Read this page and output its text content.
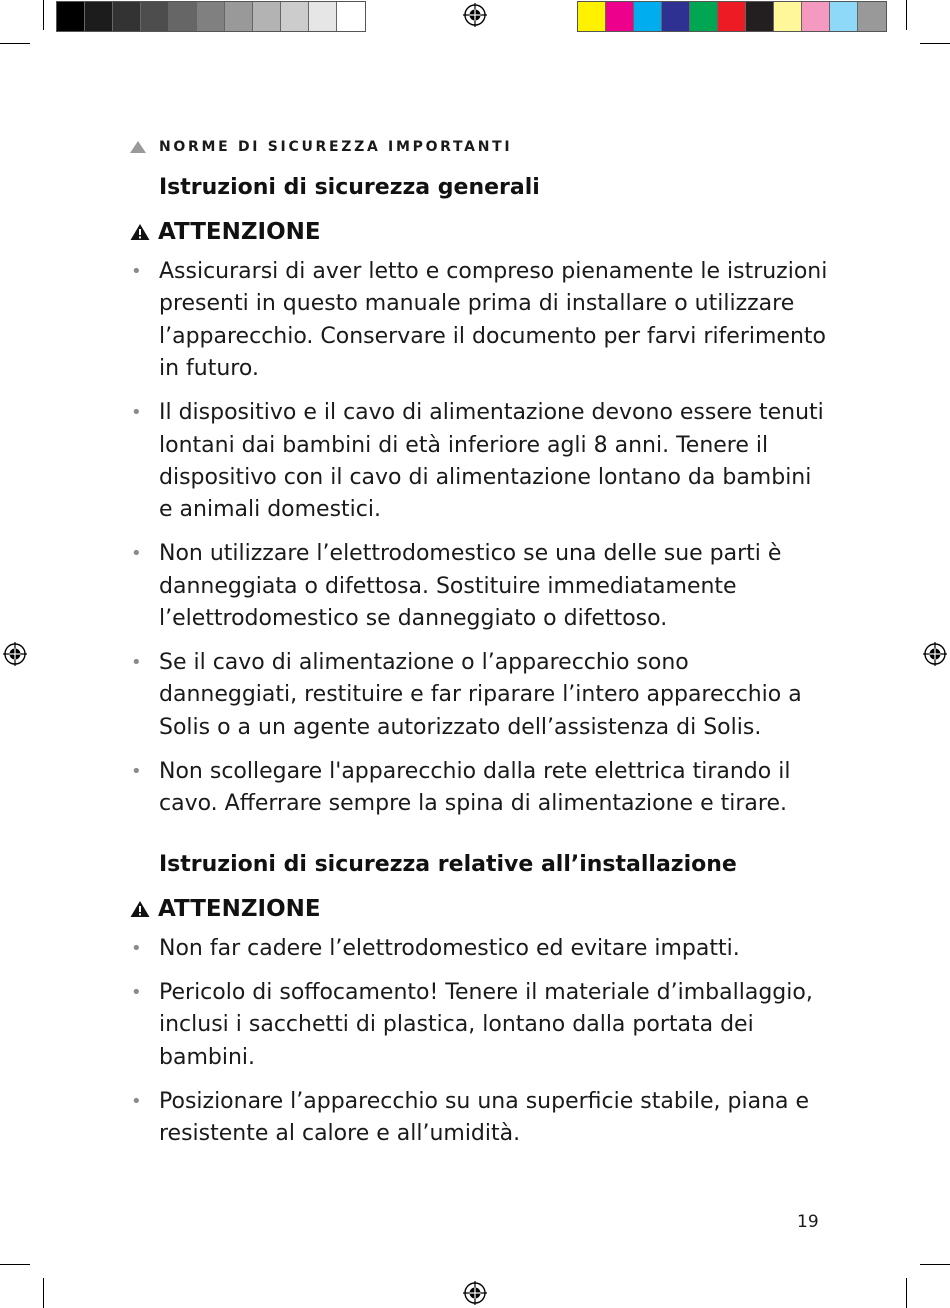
NORME DI SICUREZZA IMPORTANTI
Istruzioni di sicurezza generali
ATTENZIONE
• Assicurarsi di aver letto e compreso pienamente le istruzioni presenti in questo manuale prima di installare o utilizzare l’apparecchio. Conservare il documento per farvi riferimento in futuro.
• Il dispositivo e il cavo di alimentazione devono essere tenuti lontani dai bambini di età inferiore agli 8 anni. Tenere il dispositivo con il cavo di alimentazione lontano da bambini e animali domestici.
• Non utilizzare l’elettrodomestico se una delle sue parti è danneggiata o difettosa. Sostituire immediatamente l’elettrodomestico se danneggiato o difettoso.
• Se il cavo di alimentazione o l’apparecchio sono danneggiati, restituire e far riparare l’intero apparecchio a Solis o a un agente autorizzato dell’assistenza di Solis.
• Non scollegare l'apparecchio dalla rete elettrica tirando il cavo. Afferrare sempre la spina di alimentazione e tirare.
Istruzioni di sicurezza relative all’installazione
ATTENZIONE
• Non far cadere l’elettrodomestico ed evitare impatti.
• Pericolo di soffocamento! Tenere il materiale d’imballaggio, inclusi i sacchetti di plastica, lontano dalla portata dei bambini.
• Posizionare l’apparecchio su una superficie stabile, piana e resistente al calore e all’umidità.
19
